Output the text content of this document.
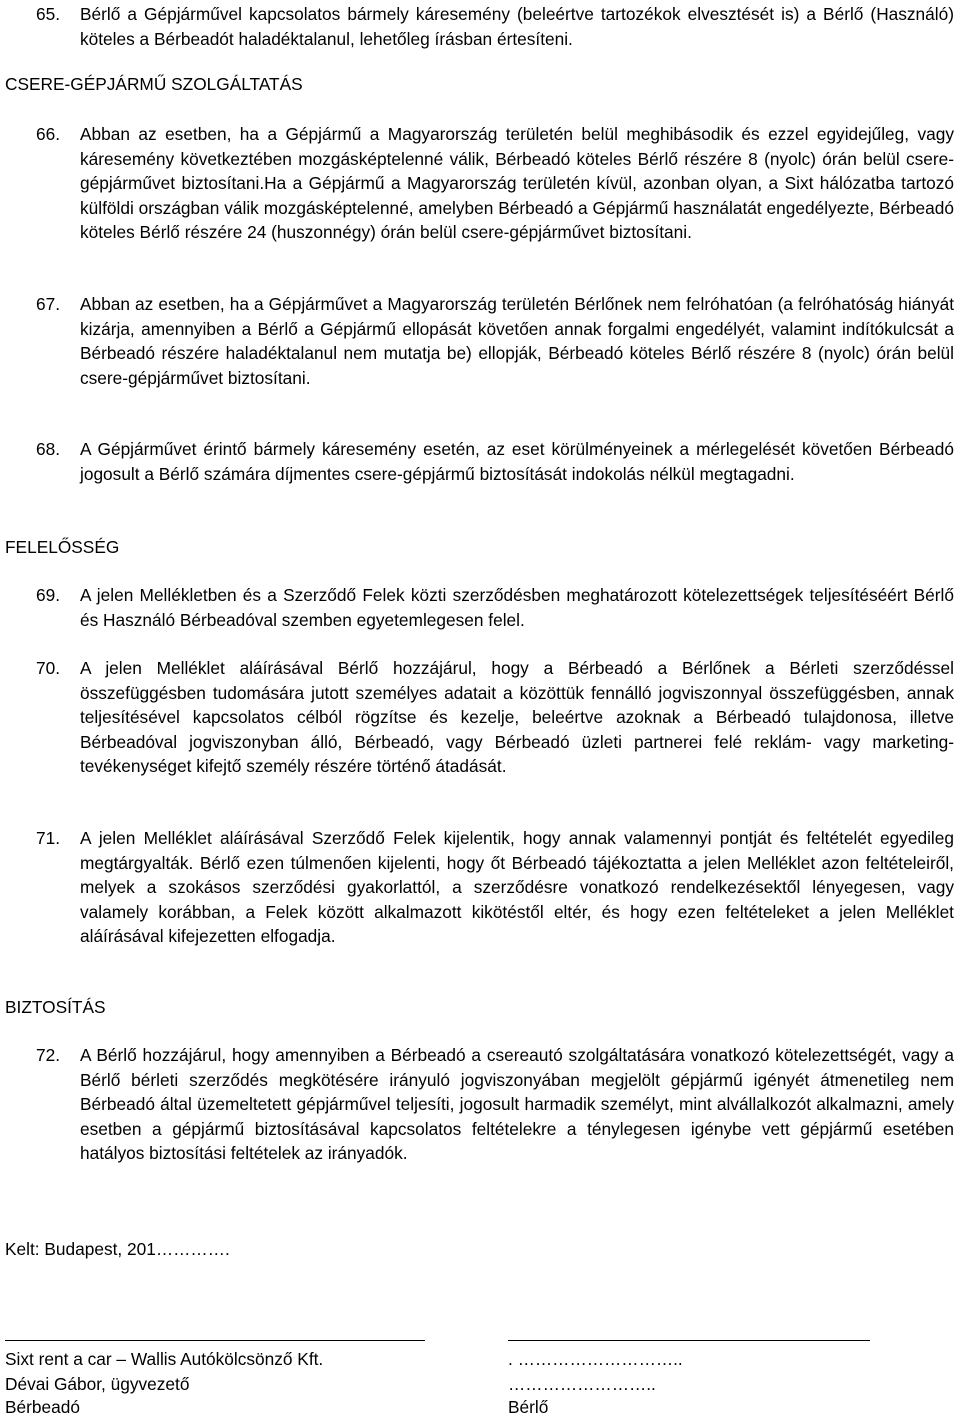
65. Bérlő a Gépjárművel kapcsolatos bármely káresemény (beleértve tartozékok elvesztését is) a Bérlő (Használó) köteles a Bérbeadót haladéktalanul, lehetőleg írásban értesíteni.
CSERE-GÉPJÁRMŰ SZOLGÁLTATÁS
66. Abban az esetben, ha a Gépjármű a Magyarország területén belül meghibásodik és ezzel egyidejűleg, vagy káresemény következtében mozgásképtelenné válik, Bérbeadó köteles Bérlő részére 8 (nyolc) órán belül csere-gépjárművet biztosítani.Ha a Gépjármű a Magyarország területén kívül, azonban olyan, a Sixt hálózatba tartozó külföldi országban válik mozgásképtelenné, amelyben Bérbeadó a Gépjármű használatát engedélyezte, Bérbeadó köteles Bérlő részére 24 (huszonnégy) órán belül csere-gépjárművet biztosítani.
67. Abban az esetben, ha a Gépjárművet a Magyarország területén Bérlőnek nem felróhatóan (a felróhatóság hiányát kizárja, amennyiben a Bérlő a Gépjármű ellopását követően annak forgalmi engedélyét, valamint indítókulcsát a Bérbeadó részére haladéktalanul nem mutatja be) ellopják, Bérbeadó köteles Bérlő részére 8 (nyolc) órán belül csere-gépjárművet biztosítani.
68. A Gépjárművet érintő bármely káresemény esetén, az eset körülményeinek a mérlegelését követően Bérbeadó jogosult a Bérlő számára díjmentes csere-gépjármű biztosítását indokolás nélkül megtagadni.
FELELŐSSÉG
69. A jelen Mellékletben és a Szerződő Felek közti szerződésben meghatározott kötelezettségek teljesítéséért Bérlő és Használó Bérbeadóval szemben egyetemlegesen felel.
70. A jelen Melléklet aláírásával Bérlő hozzájárul, hogy a Bérbeadó a Bérlőnek a Bérleti szerződéssel összefüggésben tudomására jutott személyes adatait a közöttük fennálló jogviszonnyal összefüggésben, annak teljesítésével kapcsolatos célból rögzítse és kezelje, beleértve azoknak a Bérbeadó tulajdonosa, illetve Bérbeadóval jogviszonyban álló, Bérbeadó, vagy Bérbeadó üzleti partnerei felé reklám- vagy marketing-tevékenységet kifejtő személy részére történő átadását.
71. A jelen Melléklet aláírásával Szerződő Felek kijelentik, hogy annak valamennyi pontját és feltételét egyedileg megtárgyalták. Bérlő ezen túlmenően kijelenti, hogy őt Bérbeadó tájékoztatta a jelen Melléklet azon feltételeiről, melyek a szokásos szerződési gyakorlattól, a szerződésre vonatkozó rendelkezésektől lényegesen, vagy valamely korábban, a Felek között alkalmazott kikötéstől eltér, és hogy ezen feltételeket a jelen Melléklet aláírásával kifejezetten elfogadja.
BIZTOSÍTÁS
72. A Bérlő hozzájárul, hogy amennyiben a Bérbeadó a csereautó szolgáltatására vonatkozó kötelezettségét, vagy a Bérlő bérleti szerződés megkötésére irányuló jogviszonyában megjelölt gépjármű igényét átmenetileg nem Bérbeadó által üzemeltetett gépjárművel teljesíti, jogosult harmadik személyt, mint alvállalkozót alkalmazni, amely esetben a gépjármű biztosításával kapcsolatos feltételekre a ténylegesen igénybe vett gépjármű esetében hatályos biztosítási feltételek az irányadók.
Kelt: Budapest, 201………….
Sixt rent a car – Wallis Autókölcsönző Kft.
Dévai Gábor, ügyvezető
Bérbeadó
. ………………………..
……………………..
Bérlő
